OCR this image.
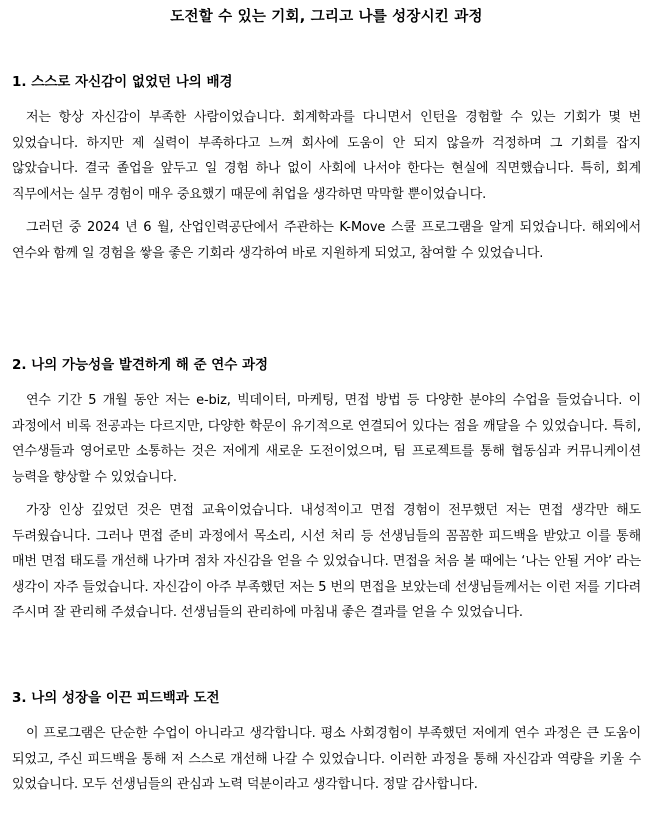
도전할 수 있는 기회, 그리고 나를 성장시킨 과정
1. 스스로 자신감이 없었던 나의 배경

저는 항상 자신감이 부족한 사람이었습니다. 회계학과를 다니면서 인턴을 경험할 수 있는 기회가 몇 번 있었습니다. 하지만 제 실력이 부족하다고 느껴 회사에 도움이 안 되지 않을까 걱정하며 그 기회를 잡지 않았습니다. 결국 졸업을 앞두고 일 경험 하나 없이 사회에 나서야 한다는 현실에 직면했습니다. 특히, 회계 직무에서는 실무 경험이 매우 중요했기 때문에 취업을 생각하면 막막할 뿐이었습니다.

그러던 중 2024 년 6 월, 산업인력공단에서 주관하는 K-Move 스쿨 프로그램을 알게 되었습니다. 해외에서 연수와 함께 일 경험을 쌓을 좋은 기회라 생각하여 바로 지원하게 되었고, 참여할 수 있었습니다.

2. 나의 가능성을 발견하게 해 준 연수 과정

연수 기간 5 개월 동안 저는 e-biz, 빅데이터, 마케팅, 면접 방법 등 다양한 분야의 수업을 들었습니다. 이 과정에서 비록 전공과는 다르지만, 다양한 학문이 유기적으로 연결되어 있다는 점을 깨달을 수 있었습니다. 특히, 연수생들과 영어로만 소통하는 것은 저에게 새로운 도전이었으며, 팀 프로젝트를 통해 협동심과 커뮤니케이션 능력을 향상할 수 있었습니다.

가장 인상 깊었던 것은 면접 교육이었습니다. 내성적이고 면접 경험이 전무했던 저는 면접 생각만 해도 두려웠습니다. 그러나 면접 준비 과정에서 목소리, 시선 처리 등 선생님들의 꼼꼼한 피드백을 받았고 이를 통해 매번 면접 태도를 개선해 나가며 점차 자신감을 얻을 수 있었습니다. 면접을 처음 볼 때에는 ‘나는 안될 거야’ 라는 생각이 자주 들었습니다. 자신감이 아주 부족했던 저는 5 번의 면접을 보았는데 선생님들께서는 이런 저를 기다려 주시며 잘 관리해 주셨습니다. 선생님들의 관리하에 마침내 좋은 결과를 얻을 수 있었습니다.

3. 나의 성장을 이끈 피드백과 도전

이 프로그램은 단순한 수업이 아니라고 생각합니다. 평소 사회경험이 부족했던 저에게 연수 과정은 큰 도움이 되었고, 주신 피드백을 통해 저 스스로 개선해 나갈 수 있었습니다. 이러한 과정을 통해 자신감과 역량을 키울 수 있었습니다. 모두 선생님들의 관심과 노력 덕분이라고 생각합니다. 정말 감사합니다.
